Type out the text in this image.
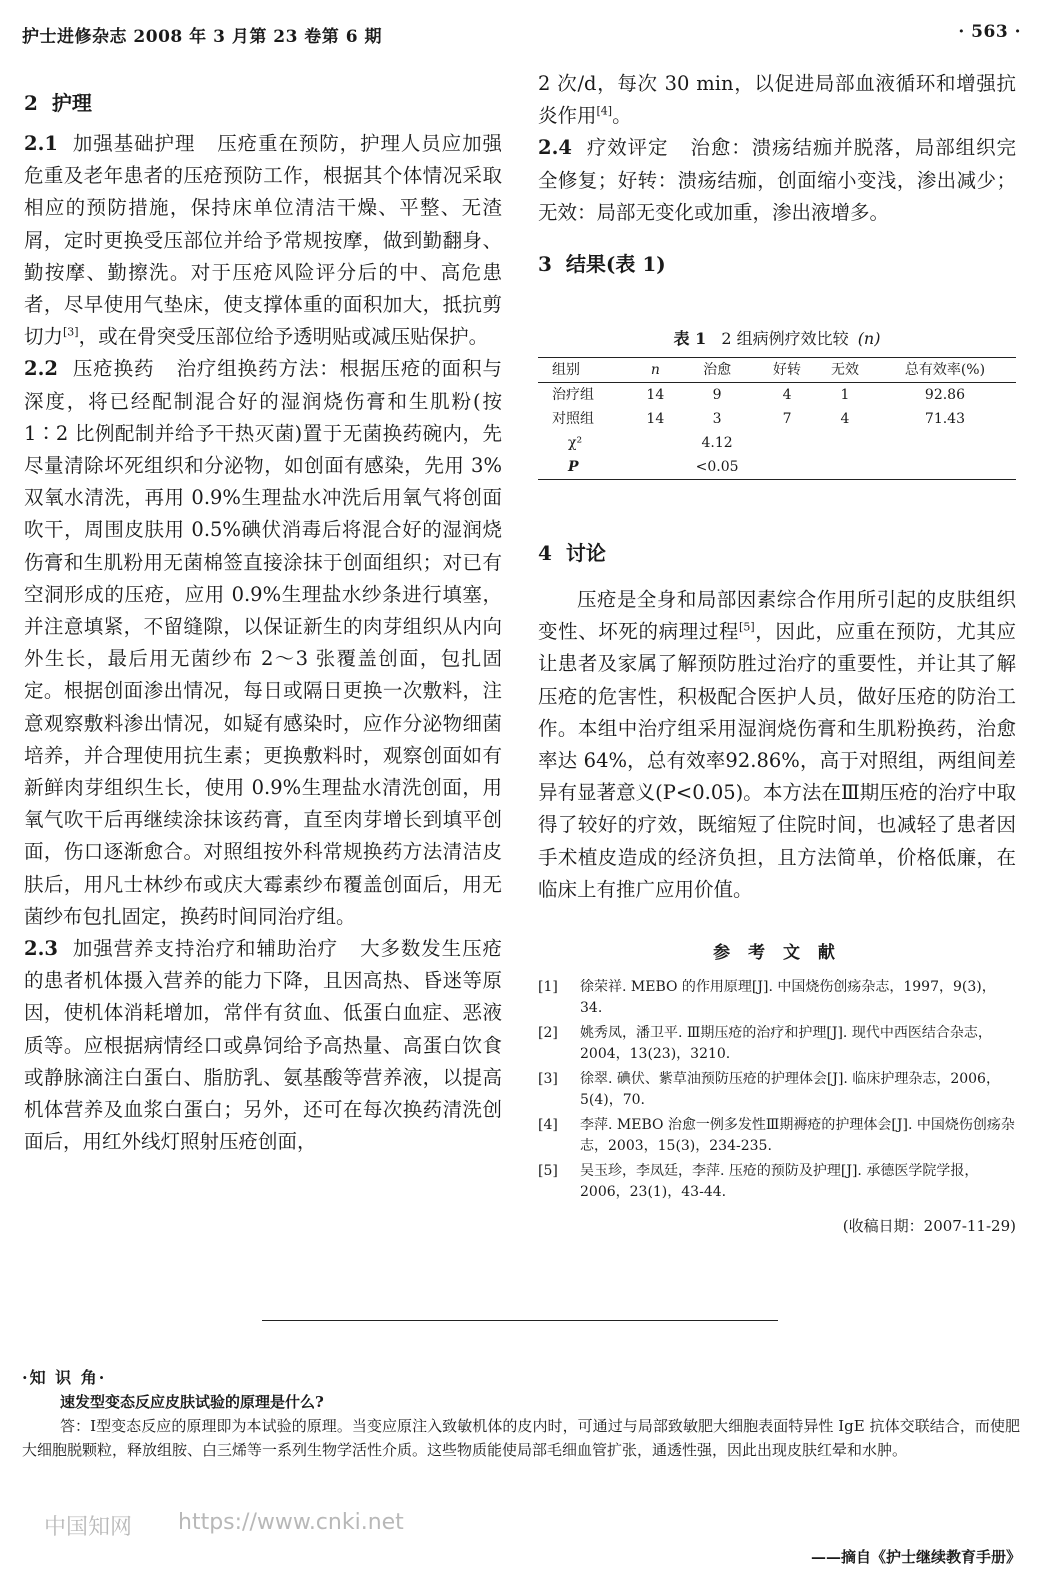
护士进修杂志 2008 年 3 月第 23 卷第 6 期	· 563 ·

2 护理

2.1 加强基础护理 压疮重在预防，护理人员应加强危重及老年患者的压疮预防工作，根据其个体情况采取相应的预防措施，保持床单位清洁干燥、平整、无渣屑，定时更换受压部位并给予常规按摩，做到勤翻身、勤按摩、勤擦洗。对于压疮风险评分后的中、高危患者，尽早使用气垫床，使支撑体重的面积加大，抵抗剪切力[3]，或在骨突受压部位给予透明贴或减压贴保护。

2.2 压疮换药 治疗组换药方法：根据压疮的面积与深度，将已经配制混合好的湿润烧伤膏和生肌粉(按 1∶2 比例配制并给予干热灭菌)置于无菌换药碗内，先尽量清除坏死组织和分泌物，如创面有感染，先用 3%双氧水清洗，再用 0.9%生理盐水冲洗后用氧气将创面吹干，周围皮肤用 0.5%碘伏消毒后将混合好的湿润烧伤膏和生肌粉用无菌棉签直接涂抹于创面组织；对已有空洞形成的压疮，应用 0.9%生理盐水纱条进行填塞，并注意填紧，不留缝隙，以保证新生的肉芽组织从内向外生长，最后用无菌纱布 2～3 张覆盖创面，包扎固定。根据创面渗出情况，每日或隔日更换一次敷料，注意观察敷料渗出情况，如疑有感染时，应作分泌物细菌培养，并合理使用抗生素；更换敷料时，观察创面如有新鲜肉芽组织生长，使用 0.9%生理盐水清洗创面，用氧气吹干后再继续涂抹该药膏，直至肉芽增长到填平创面，伤口逐渐愈合。对照组按外科常规换药方法清洁皮肤后，用凡士林纱布或庆大霉素纱布覆盖创面后，用无菌纱布包扎固定，换药时间同治疗组。

2.3 加强营养支持治疗和辅助治疗 大多数发生压疮的患者机体摄入营养的能力下降，且因高热、昏迷等原因，使机体消耗增加，常伴有贫血、低蛋白血症、恶液质等。应根据病情经口或鼻饲给予高热量、高蛋白饮食或静脉滴注白蛋白、脂肪乳、氨基酸等营养液，以提高机体营养及血浆白蛋白；另外，还可在每次换药清洗创面后，用红外线灯照射压疮创面，

2 次/d，每次 30 min，以促进局部血液循环和增强抗炎作用[4]。

2.4 疗效评定 治愈：溃疡结痂并脱落，局部组织完全修复；好转：溃疡结痂，创面缩小变浅，渗出减少；无效：局部无变化或加重，渗出液增多。

3 结果(表 1)

表 1 2 组病例疗效比较 (n)
组别	n	治愈	好转	无效	总有效率(%)
治疗组	14	9	4	1	92.86
对照组	14	3	7	4	71.43
χ²		4.12			
P		<0.05			

4 讨论

压疮是全身和局部因素综合作用所引起的皮肤组织变性、坏死的病理过程[5]，因此，应重在预防，尤其应让患者及家属了解预防胜过治疗的重要性，并让其了解压疮的危害性，积极配合医护人员，做好压疮的防治工作。本组中治疗组采用湿润烧伤膏和生肌粉换药，治愈率达 64%，总有效率92.86%，高于对照组，两组间差异有显著意义(P<0.05)。本方法在Ⅲ期压疮的治疗中取得了较好的疗效，既缩短了住院时间，也减轻了患者因手术植皮造成的经济负担，且方法简单，价格低廉，在临床上有推广应用价值。

参 考 文 献
[1]	徐荣祥. MEBO 的作用原理[J]. 中国烧伤创疡杂志，1997，9(3)，34.
[2]	姚秀凤，潘卫平. Ⅲ期压疮的治疗和护理[J]. 现代中西医结合杂志，2004，13(23)，3210.
[3]	徐翠. 碘伏、紫草油预防压疮的护理体会[J]. 临床护理杂志，2006，5(4)，70.
[4]	李萍. MEBO 治愈一例多发性Ⅲ期褥疮的护理体会[J]. 中国烧伤创疡杂志，2003，15(3)，234-235.
[5]	吴玉珍，李凤廷，李萍. 压疮的预防及护理[J]. 承德医学院学报，2006，23(1)，43-44.
(收稿日期：2007-11-29)
·知 识 角·
速发型变态反应皮肤试验的原理是什么?
答：Ⅰ型变态反应的原理即为本试验的原理。当变应原注入致敏机体的皮内时，可通过与局部致敏肥大细胞表面特异性 IgE 抗体交联结合，而使肥大细胞脱颗粒，释放组胺、白三烯等一系列生物学活性介质。这些物质能使局部毛细血管扩张，通透性强，因此出现皮肤红晕和水肿。
中国知网 https://www.cnki.net
——摘自《护士继续教育手册》
